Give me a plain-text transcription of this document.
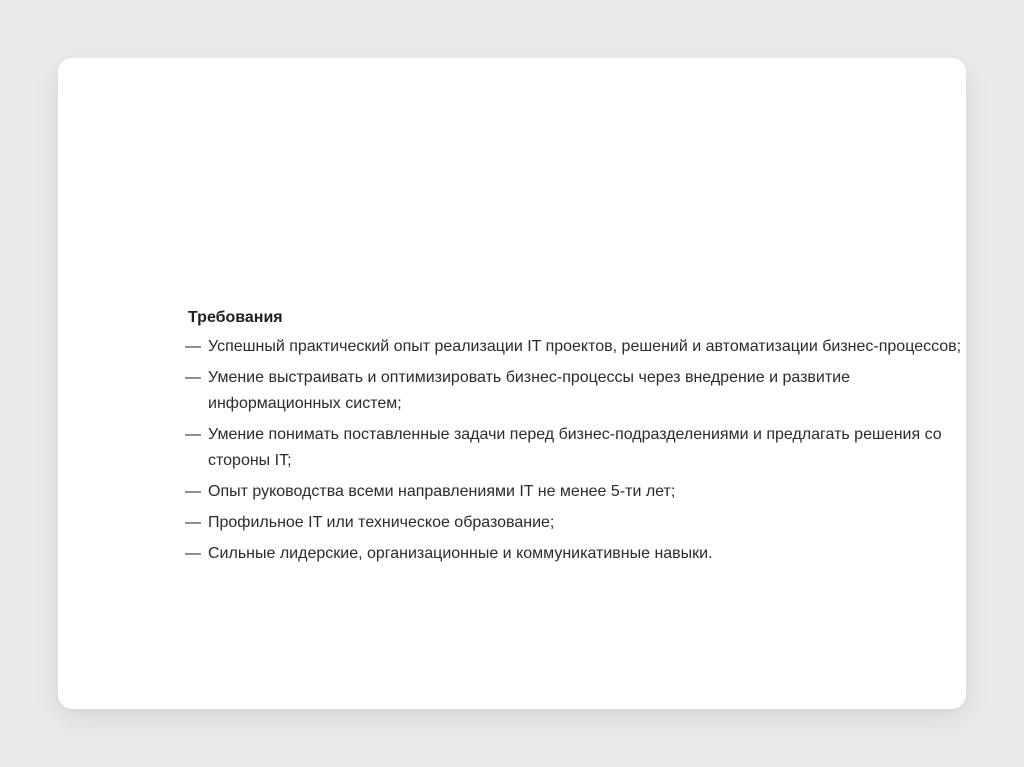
Требования
— Успешный практический опыт реализации IT проектов, решений и автоматизации бизнес-процессов;
— Умение выстраивать и оптимизировать бизнес-процессы через внедрение и развитие информационных систем;
— Умение понимать поставленные задачи перед бизнес-подразделениями и предлагать решения со стороны IT;
— Опыт руководства всеми направлениями IT не менее 5-ти лет;
— Профильное IT или техническое образование;
— Сильные лидерские, организационные и коммуникативные навыки.
